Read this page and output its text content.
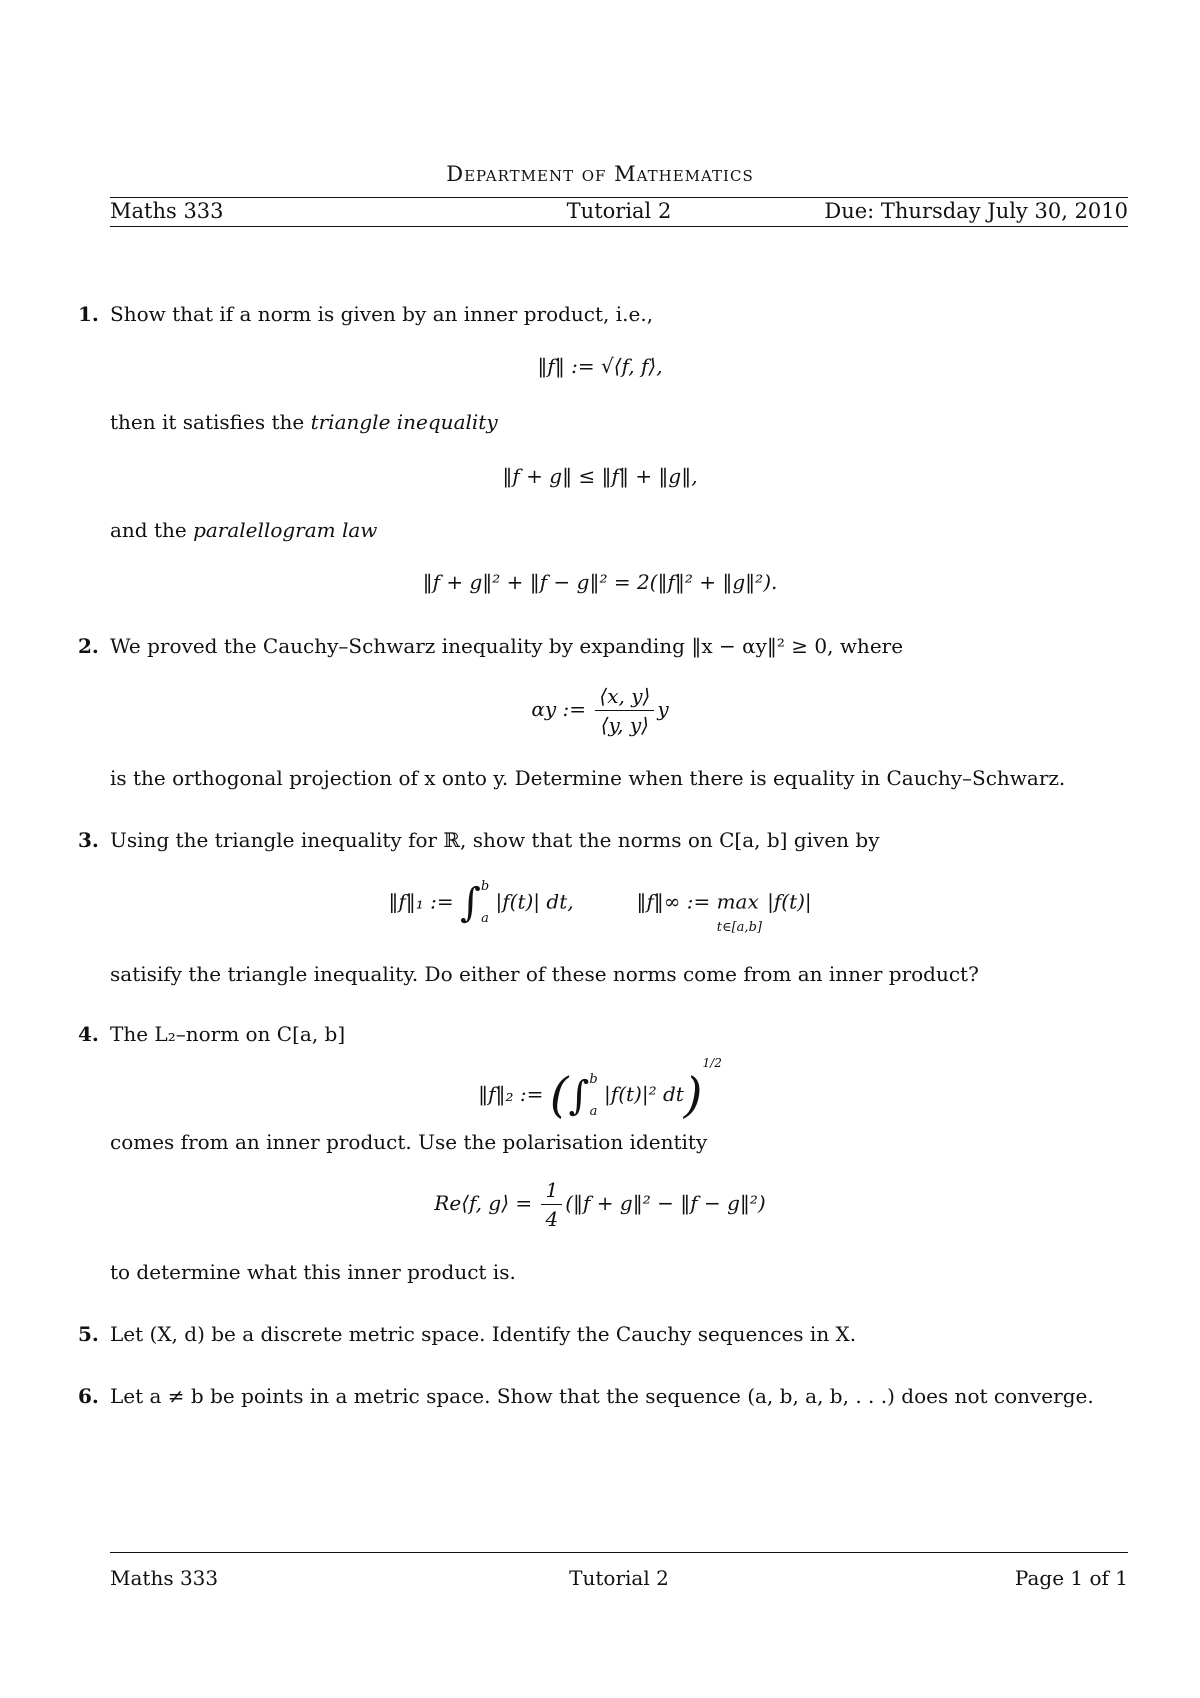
Department of Mathematics
Maths 333	Tutorial 2	Due: Thursday July 30, 2010
1. Show that if a norm is given by an inner product, i.e.,
‖f‖ := √⟨f, f⟩,
then it satisfies the triangle inequality
‖f + g‖ ≤ ‖f‖ + ‖g‖,
and the paralellogram law
‖f + g‖² + ‖f − g‖² = 2(‖f‖² + ‖g‖²).
2. We proved the Cauchy–Schwarz inequality by expanding ‖x − αy‖² ≥ 0, where
αy := $\frac{⟨x, y⟩}{⟨y, y⟩}$ y
is the orthogonal projection of x onto y. Determine when there is equality in Cauchy–Schwarz.
3. Using the triangle inequality for ℝ, show that the norms on C[a, b] given by
‖f‖₁ := ∫ b
a
|f(t)| dt,	‖f‖∞ := maxt∈[a,b] |f(t)|
satisify the triangle inequality. Do either of these norms come from an inner product?
4. The L₂–norm on C[a, b]
‖f‖₂ := (∫ b
a
|f(t)|² dt)1/2
comes from an inner product. Use the polarisation identity
Re⟨f, g⟩ = $\frac{1}{4}$ (‖f + g‖² − ‖f − g‖²)
to determine what this inner product is.
5. Let (X, d) be a discrete metric space. Identify the Cauchy sequences in X.
6. Let a ≠ b be points in a metric space. Show that the sequence (a, b, a, b, . . .) does not converge.
Maths 333	Tutorial 2	Page 1 of 1
